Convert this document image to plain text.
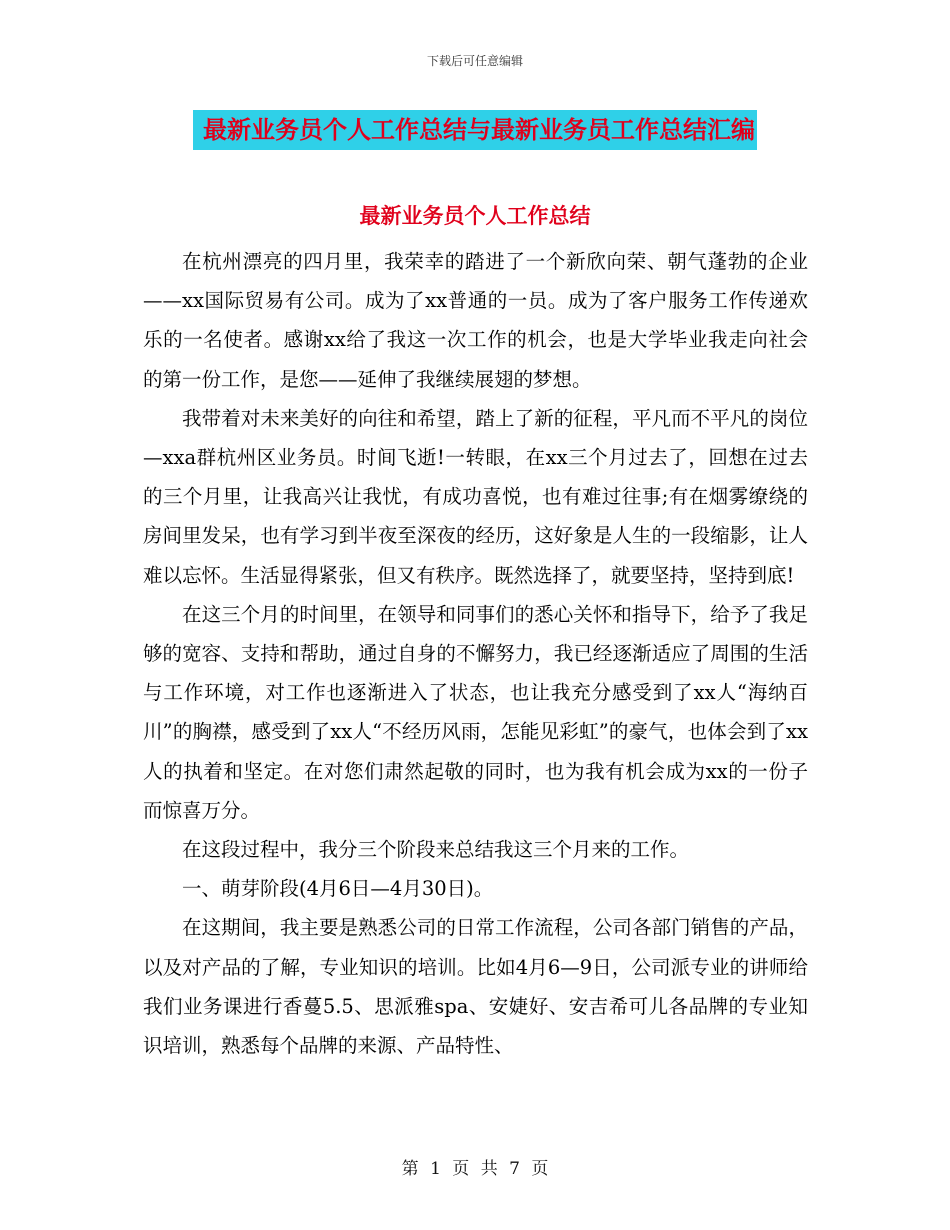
下载后可任意编辑
最新业务员个人工作总结与最新业务员工作总结汇编
最新业务员个人工作总结

在杭州漂亮的四月里，我荣幸的踏进了一个新欣向荣、朝气蓬勃的企业——xx国际贸易有公司。成为了xx普通的一员。成为了客户服务工作传递欢乐的一名使者。感谢xx给了我这一次工作的机会，也是大学毕业我走向社会的第一份工作，是您——延伸了我继续展翅的梦想。

我带着对未来美好的向往和希望，踏上了新的征程，平凡而不平凡的岗位—xxa群杭州区业务员。时间飞逝!一转眼，在xx三个月过去了，回想在过去的三个月里，让我高兴让我忧，有成功喜悦，也有难过往事;有在烟雾缭绕的房间里发呆，也有学习到半夜至深夜的经历，这好象是人生的一段缩影，让人难以忘怀。生活显得紧张，但又有秩序。既然选择了，就要坚持，坚持到底!

在这三个月的时间里，在领导和同事们的悉心关怀和指导下，给予了我足够的宽容、支持和帮助，通过自身的不懈努力，我已经逐渐适应了周围的生活与工作环境，对工作也逐渐进入了状态，也让我充分感受到了xx人“海纳百川”的胸襟，感受到了xx人“不经历风雨，怎能见彩虹”的豪气，也体会到了xx人的执着和坚定。在对您们肃然起敬的同时，也为我有机会成为xx的一份子而惊喜万分。

在这段过程中，我分三个阶段来总结我这三个月来的工作。

一、萌芽阶段(4月6日—4月30日)。

在这期间，我主要是熟悉公司的日常工作流程，公司各部门销售的产品，以及对产品的了解，专业知识的培训。比如4月6—9日，公司派专业的讲师给我们业务课进行香蔓5.5、思派雅spa、安婕好、安吉希可儿各品牌的专业知识培训，熟悉每个品牌的来源、产品特性、

第 1 页 共 7 页
